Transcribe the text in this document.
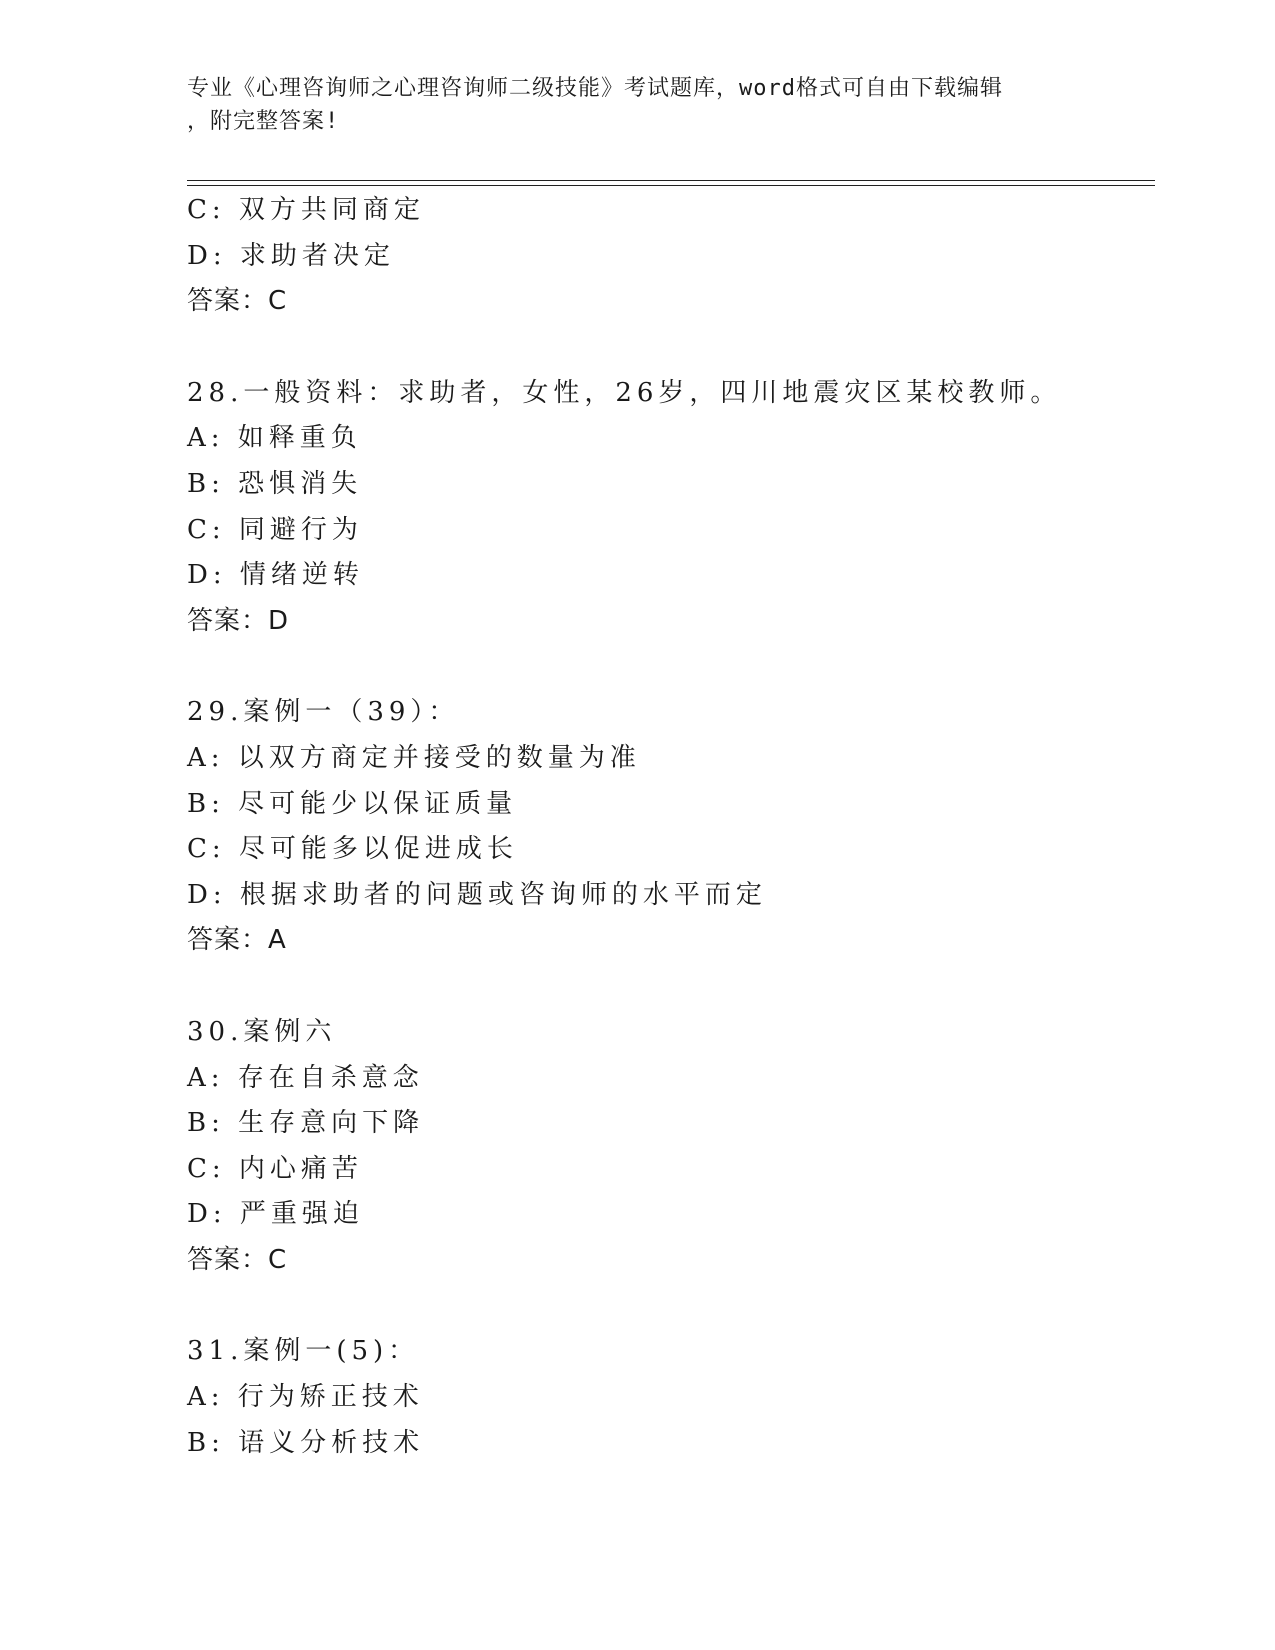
专业《心理咨询师之心理咨询师二级技能》考试题库，word格式可自由下载编辑
，附完整答案!
C: 双方共同商定
D: 求助者决定
答案：C
28.一般资料：求助者，女性，26岁，四川地震灾区某校教师。
A: 如释重负
B: 恐惧消失
C: 同避行为
D: 情绪逆转
答案：D
29.案例一（39）：
A: 以双方商定并接受的数量为准
B: 尽可能少以保证质量
C: 尽可能多以促进成长
D: 根据求助者的问题或咨询师的水平而定
答案：A
30.案例六
A: 存在自杀意念
B: 生存意向下降
C: 内心痛苦
D: 严重强迫
答案：C
31.案例一(5)：
A: 行为矫正技术
B: 语义分析技术
